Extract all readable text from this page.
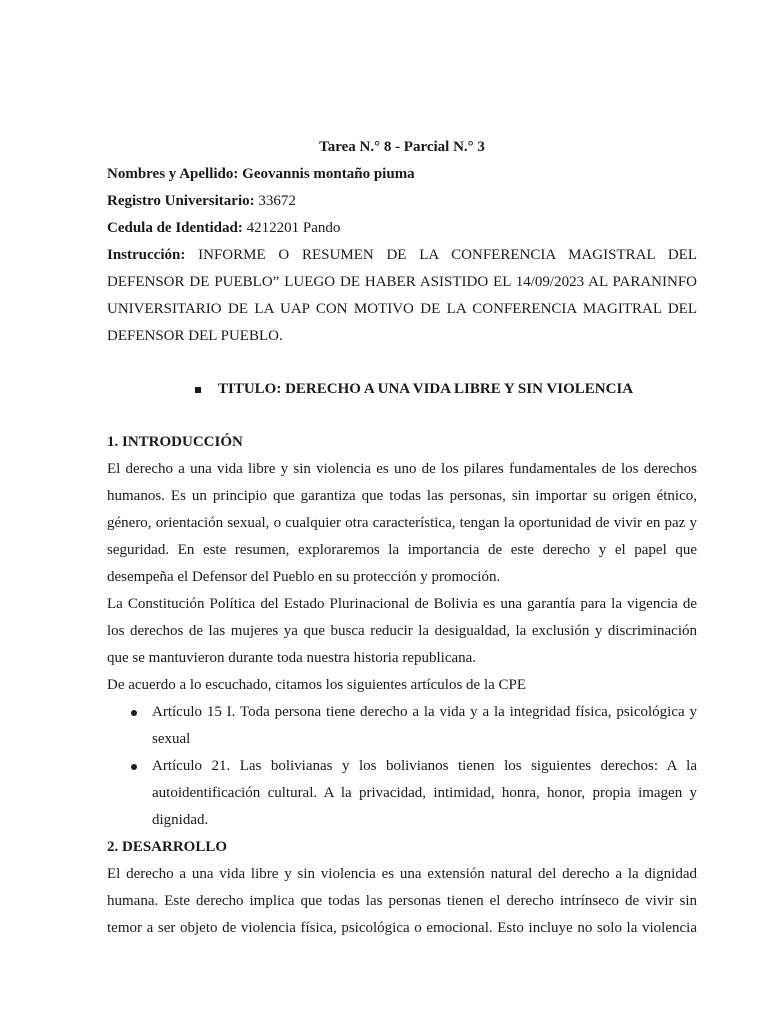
Tarea N.° 8 - Parcial N.° 3

Nombres y Apellido: Geovannis montaño piuma

Registro Universitario: 33672

Cedula de Identidad: 4212201 Pando

Instrucción: INFORME O RESUMEN DE LA CONFERENCIA MAGISTRAL DEL
DEFENSOR DE PUEBLO” LUEGO DE HABER ASISTIDO EL 14/09/2023 AL PARANINFO
UNIVERSITARIO DE LA UAP CON MOTIVO DE LA CONFERENCIA MAGITRAL DEL
DEFENSOR DEL PUEBLO.
TITULO: DERECHO A UNA VIDA LIBRE Y SIN VIOLENCIA

1. INTRODUCCIÓN

El derecho a una vida libre y sin violencia es uno de los pilares fundamentales de los derechos
humanos. Es un principio que garantiza que todas las personas, sin importar su origen étnico,
género, orientación sexual, o cualquier otra característica, tengan la oportunidad de vivir en paz y
seguridad. En este resumen, exploraremos la importancia de este derecho y el papel que
desempeña el Defensor del Pueblo en su protección y promoción.
La Constitución Política del Estado Plurinacional de Bolivia es una garantía para la vigencia de
los derechos de las mujeres ya que busca reducir la desigualdad, la exclusión y discriminación
que se mantuvieron durante toda nuestra historia republicana.

De acuerdo a lo escuchado, citamos los siguientes artículos de la CPE

Artículo 15 I. Toda persona tiene derecho a la vida y a la integridad física, psicológica y
sexual
Artículo 21. Las bolivianas y los bolivianos tienen los siguientes derechos: A la
autoidentificación cultural. A la privacidad, intimidad, honra, honor, propia imagen y
dignidad.

2. DESARROLLO

El derecho a una vida libre y sin violencia es una extensión natural del derecho a la dignidad
humana. Este derecho implica que todas las personas tienen el derecho intrínseco de vivir sin
temor a ser objeto de violencia física, psicológica o emocional. Esto incluye no solo la violencia
